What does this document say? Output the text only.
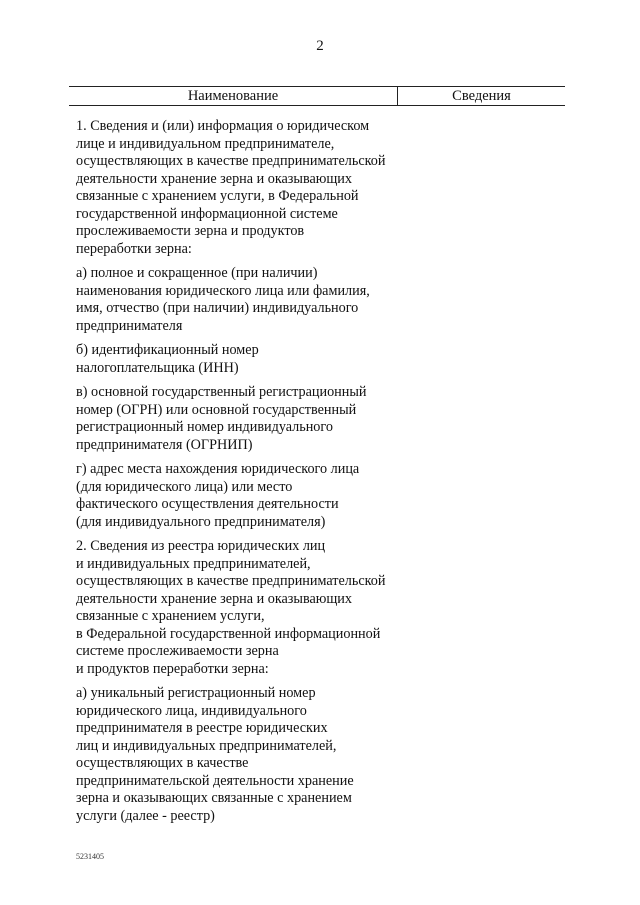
2
Наименование	Сведения

1. Сведения и (или) информация о юридическом
лице и индивидуальном предпринимателе,
осуществляющих в качестве предпринимательской
деятельности хранение зерна и оказывающих
связанные с хранением услуги, в Федеральной
государственной информационной системе
прослеживаемости зерна и продуктов
переработки зерна:

а) полное и сокращенное (при наличии)
наименования юридического лица или фамилия,
имя, отчество (при наличии) индивидуального
предпринимателя

б) идентификационный номер
налогоплательщика (ИНН)

в) основной государственный регистрационный
номер (ОГРН) или основной государственный
регистрационный номер индивидуального
предпринимателя (ОГРНИП)

г) адрес места нахождения юридического лица
(для юридического лица) или место
фактического осуществления деятельности
(для индивидуального предпринимателя)

2. Сведения из реестра юридических лиц
и индивидуальных предпринимателей,
осуществляющих в качестве предпринимательской
деятельности хранение зерна и оказывающих
связанные с хранением услуги,
в Федеральной государственной информационной
системе прослеживаемости зерна
и продуктов переработки зерна:

а) уникальный регистрационный номер
юридического лица, индивидуального
предпринимателя в реестре юридических
лиц и индивидуальных предпринимателей,
осуществляющих в качестве
предпринимательской деятельности хранение
зерна и оказывающих связанные с хранением
услуги (далее - реестр)

5231405
